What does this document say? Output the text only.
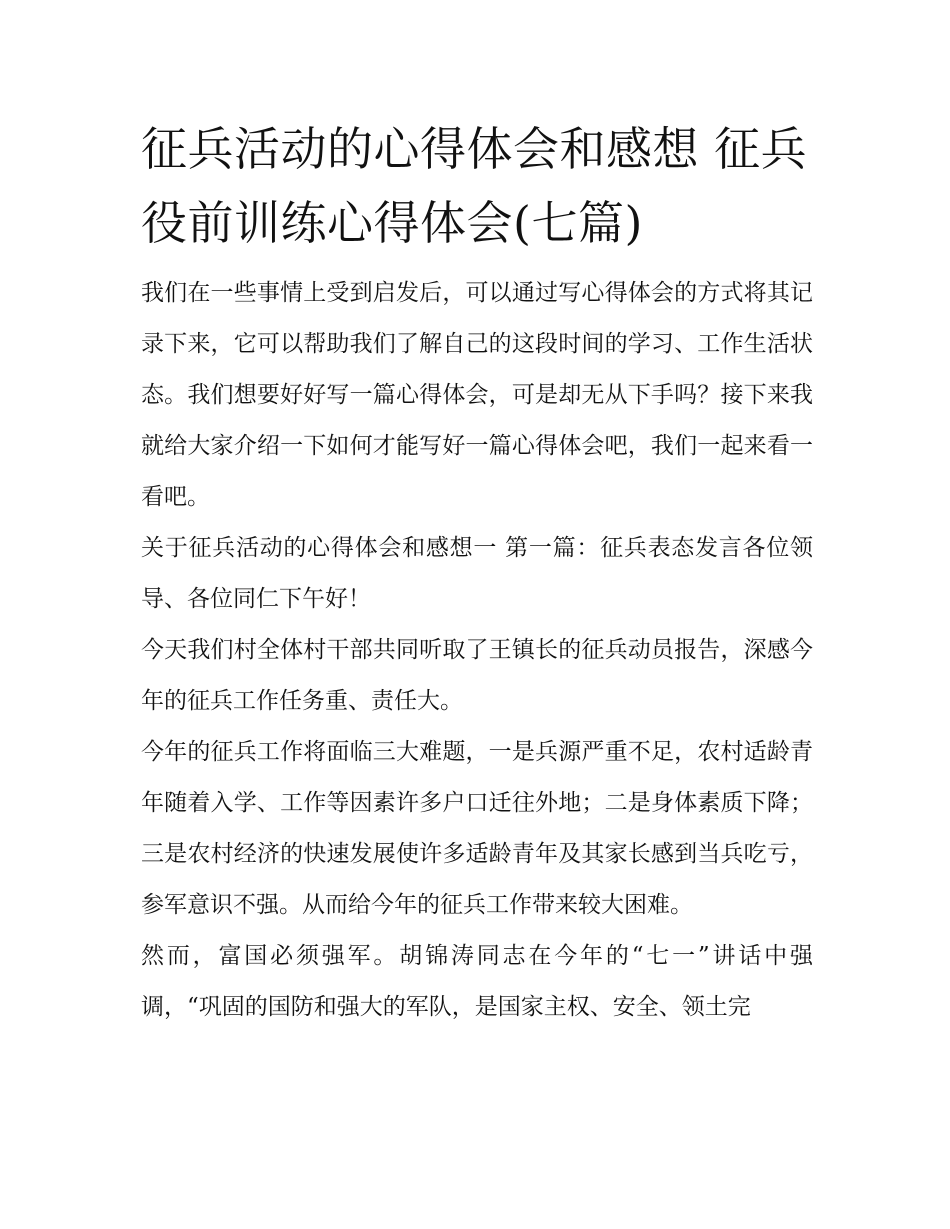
征兵活动的心得体会和感想 征兵役前训练心得体会(七篇)

我们在一些事情上受到启发后，可以通过写心得体会的方式将其记录下来，它可以帮助我们了解自己的这段时间的学习、工作生活状态。我们想要好好写一篇心得体会，可是却无从下手吗？接下来我就给大家介绍一下如何才能写好一篇心得体会吧，我们一起来看一看吧。

关于征兵活动的心得体会和感想一 第一篇：征兵表态发言各位领导、各位同仁下午好！

今天我们村全体村干部共同听取了王镇长的征兵动员报告，深感今年的征兵工作任务重、责任大。

今年的征兵工作将面临三大难题，一是兵源严重不足，农村适龄青年随着入学、工作等因素许多户口迁往外地；二是身体素质下降；三是农村经济的快速发展使许多适龄青年及其家长感到当兵吃亏，参军意识不强。从而给今年的征兵工作带来较大困难。

然而，富国必须强军。胡锦涛同志在今年的“七一”讲话中强调，“巩固的国防和强大的军队，是国家主权、安全、领土完
